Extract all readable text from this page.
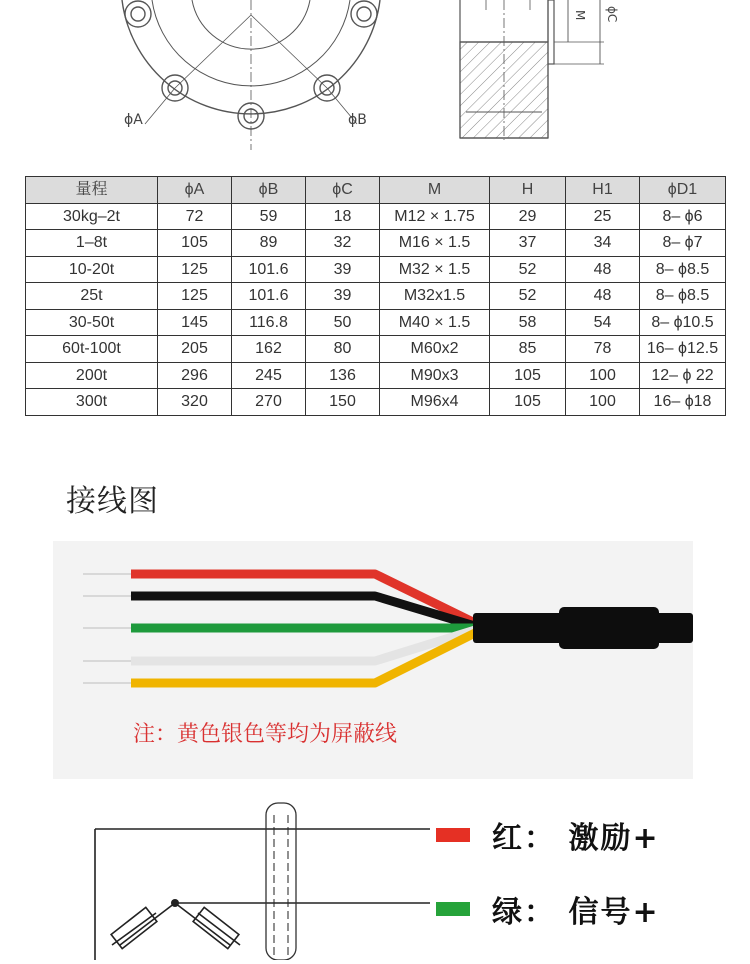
ϕA	ϕB
M ϕC
量程	ϕA	ϕB	ϕC	M	H	H1	ϕD1
30kg–2t	72	59	18	M12 × 1.75	29	25	8– ϕ6
1–8t	105	89	32	M16 × 1.5	37	34	8– ϕ7
10-20t	125	101.6	39	M32 × 1.5	52	48	8– ϕ8.5
25t	125	101.6	39	M32x1.5	52	48	8– ϕ8.5
30-50t	145	116.8	50	M40 × 1.5	58	54	8– ϕ10.5
60t-100t	205	162	80	M60x2	85	78	16– ϕ12.5
200t	296	245	136	M90x3	105	100	12– ϕ 22
300t	320	270	150	M96x4	105	100	16– ϕ18
接线图
注：黄色银色等均为屏蔽线
红： 激励+
绿： 信号+
